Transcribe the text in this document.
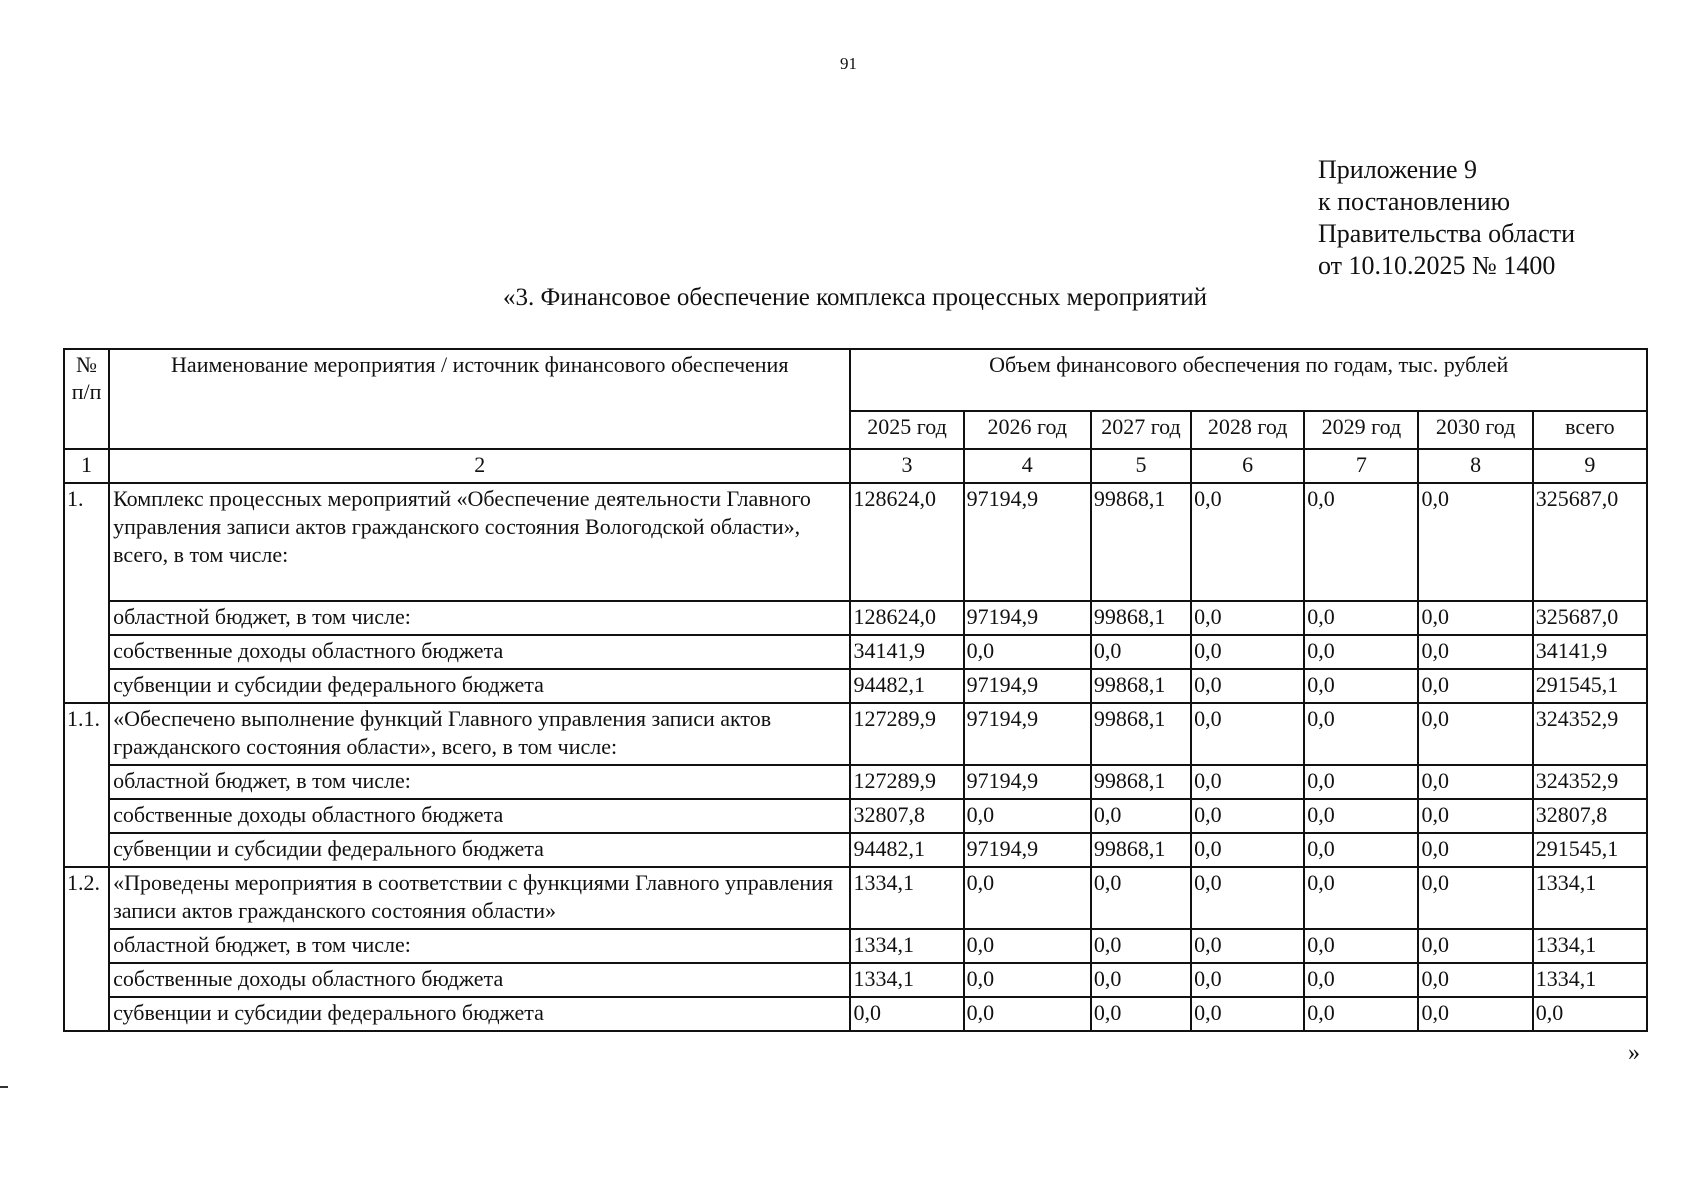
91
Приложение 9
к постановлению
Правительства области
от 10.10.2025 № 1400
«3. Финансовое обеспечение комплекса процессных мероприятий
№ п/п	Наименование мероприятия / источник финансового обеспечения	Объем финансового обеспечения по годам, тыс. рублей						
		2025 год	2026 год	2027 год	2028 год	2029 год	2030 год	всего
1	2	3	4	5	6	7	8	9
1.	Комплекс процессных мероприятий «Обеспечение деятельности Главного управления записи актов гражданского состояния Вологодской области», всего, в том числе:	128624,0	97194,9	99868,1	0,0	0,0	0,0	325687,0
	областной бюджет, в том числе:	128624,0	97194,9	99868,1	0,0	0,0	0,0	325687,0
	собственные доходы областного бюджета	34141,9	0,0	0,0	0,0	0,0	0,0	34141,9
	субвенции и субсидии федерального бюджета	94482,1	97194,9	99868,1	0,0	0,0	0,0	291545,1
1.1.	«Обеспечено выполнение функций Главного управления записи актов гражданского состояния области», всего, в том числе:	127289,9	97194,9	99868,1	0,0	0,0	0,0	324352,9
	областной бюджет, в том числе:	127289,9	97194,9	99868,1	0,0	0,0	0,0	324352,9
	собственные доходы областного бюджета	32807,8	0,0	0,0	0,0	0,0	0,0	32807,8
	субвенции и субсидии федерального бюджета	94482,1	97194,9	99868,1	0,0	0,0	0,0	291545,1
1.2.	«Проведены мероприятия в соответствии с функциями Главного управления записи актов гражданского состояния области»	1334,1	0,0	0,0	0,0	0,0	0,0	1334,1
	областной бюджет, в том числе:	1334,1	0,0	0,0	0,0	0,0	0,0	1334,1
	собственные доходы областного бюджета	1334,1	0,0	0,0	0,0	0,0	0,0	1334,1
	субвенции и субсидии федерального бюджета	0,0	0,0	0,0	0,0	0,0	0,0	0,0
»
